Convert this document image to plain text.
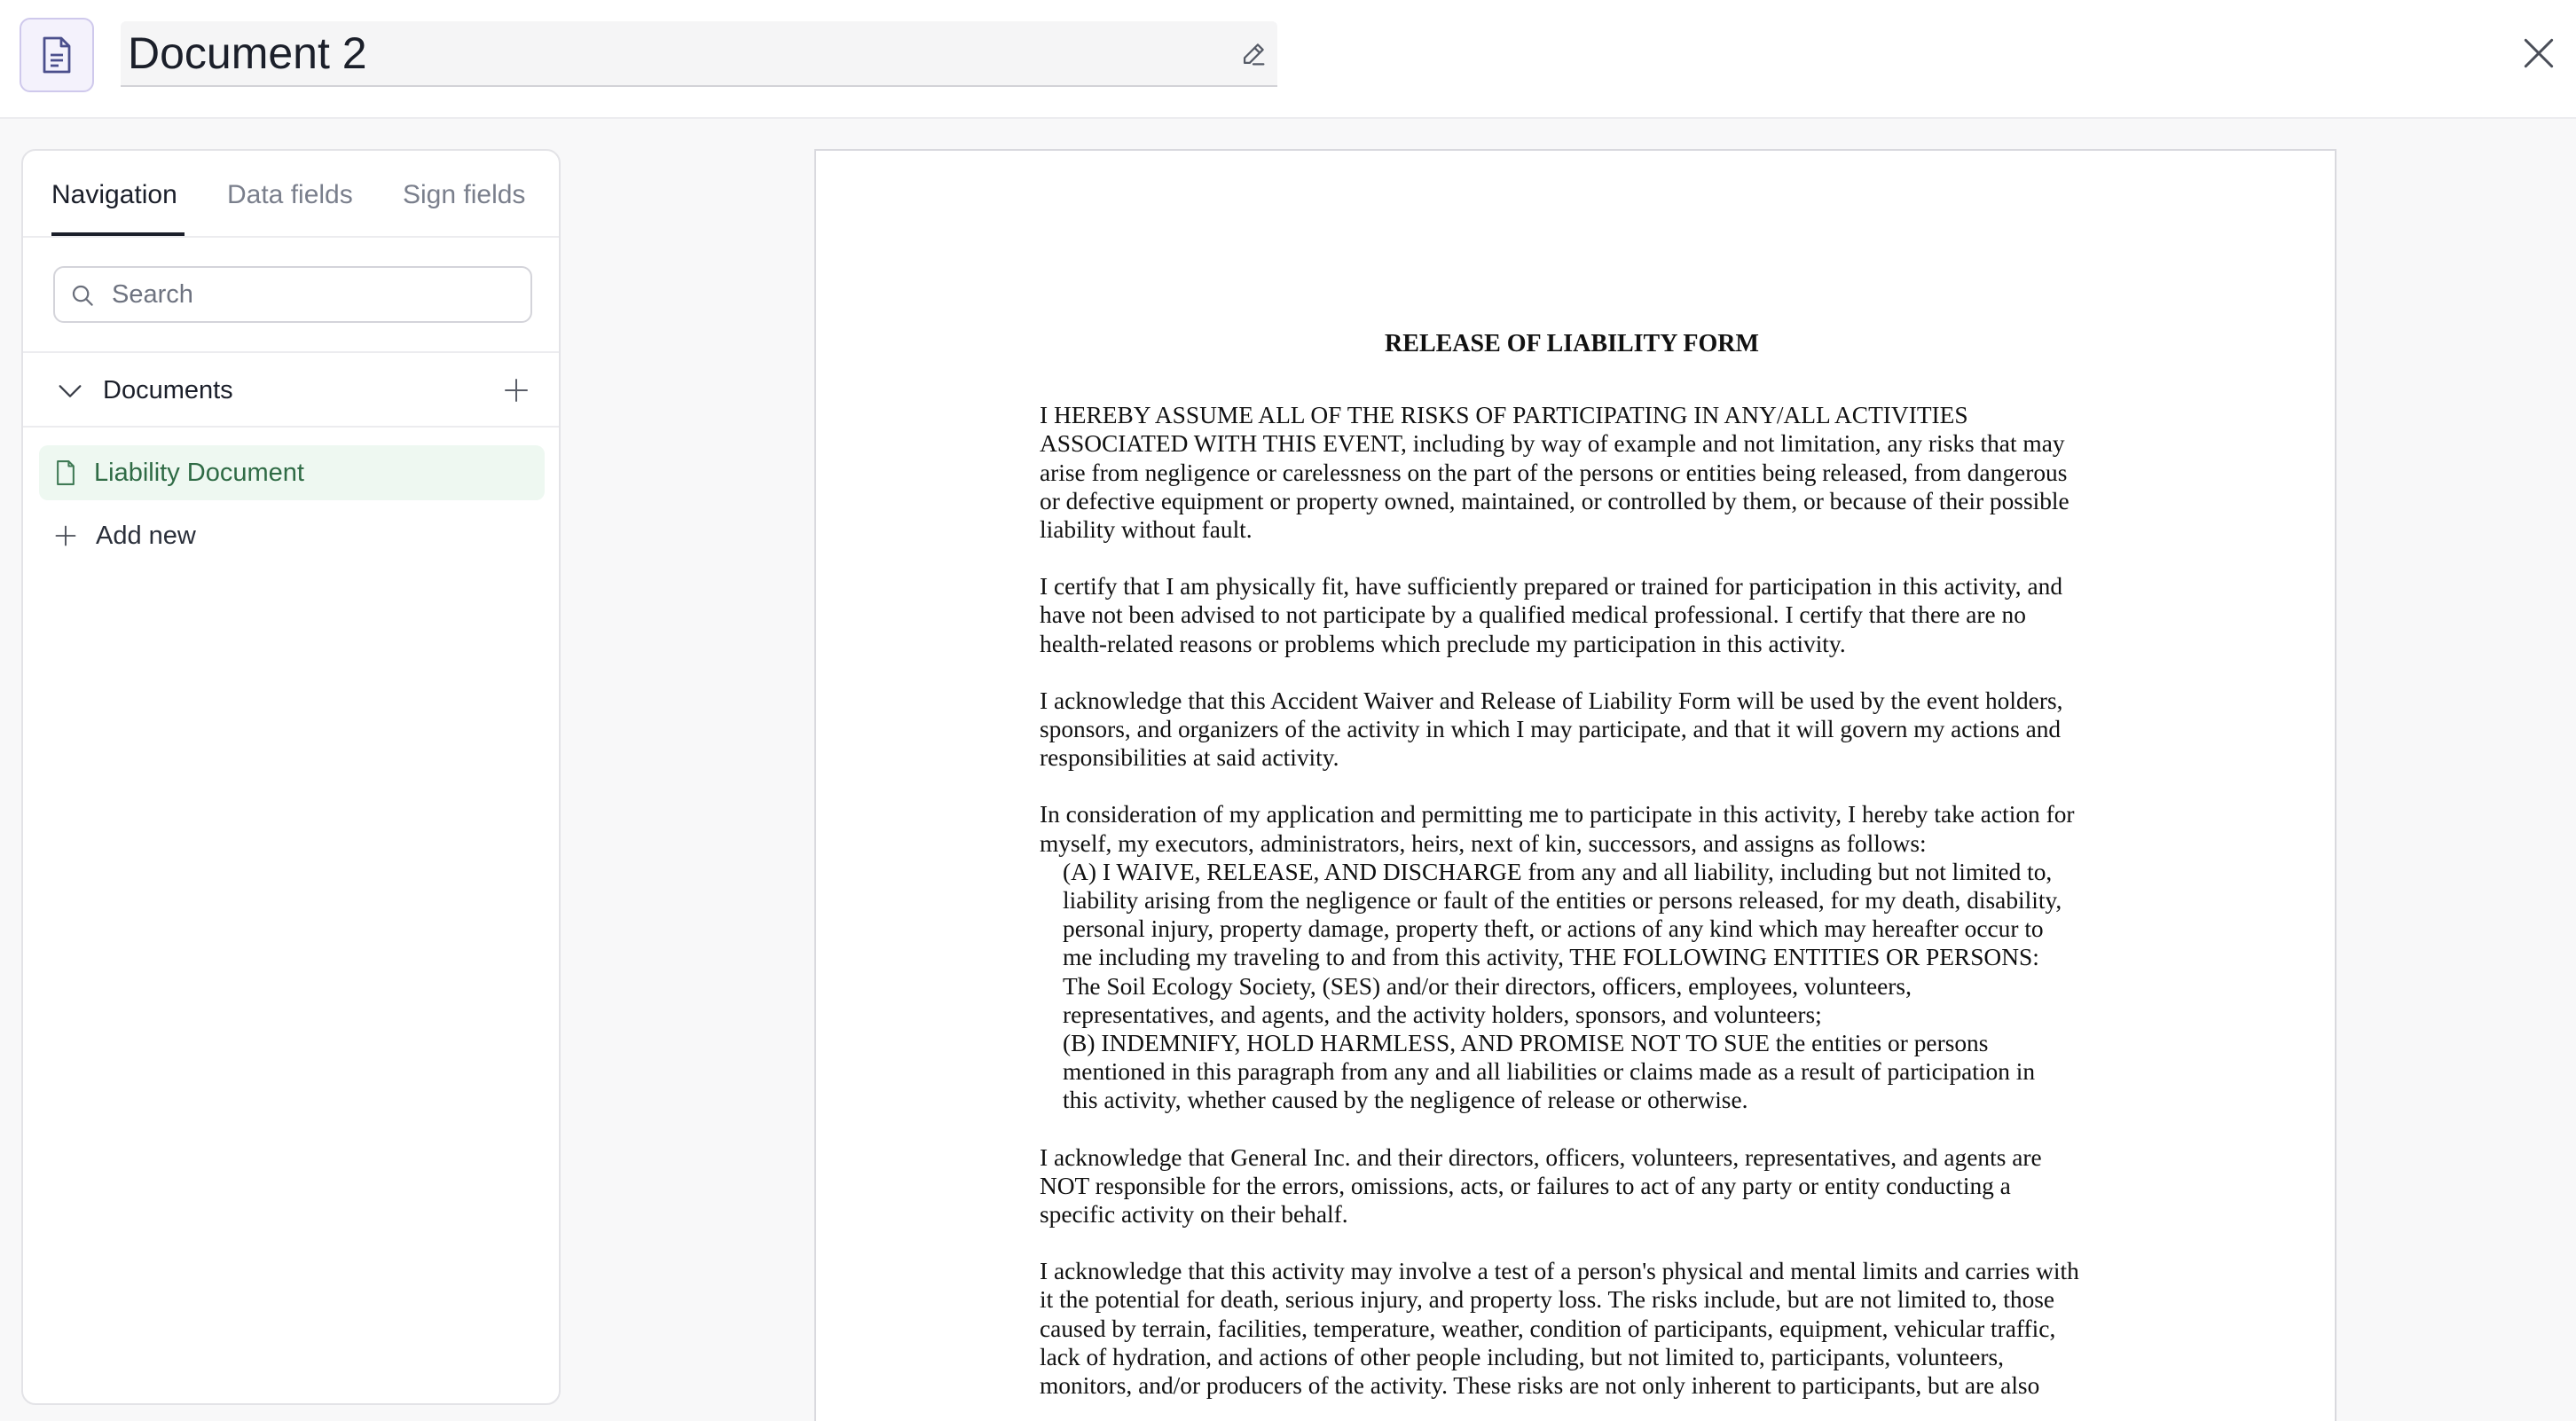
Document 2
Navigation Data fields Sign fields
Search
Documents
Liability Document
Add new
RELEASE OF LIABILITY FORM
I HEREBY ASSUME ALL OF THE RISKS OF PARTICIPATING IN ANY/ALL ACTIVITIES
ASSOCIATED WITH THIS EVENT, including by way of example and not limitation, any risks that may
arise from negligence or carelessness on the part of the persons or entities being released, from dangerous
or defective equipment or property owned, maintained, or controlled by them, or because of their possible
liability without fault.
I certify that I am physically fit, have sufficiently prepared or trained for participation in this activity, and
have not been advised to not participate by a qualified medical professional. I certify that there are no
health-related reasons or problems which preclude my participation in this activity.
I acknowledge that this Accident Waiver and Release of Liability Form will be used by the event holders,
sponsors, and organizers of the activity in which I may participate, and that it will govern my actions and
responsibilities at said activity.
In consideration of my application and permitting me to participate in this activity, I hereby take action for
myself, my executors, administrators, heirs, next of kin, successors, and assigns as follows:
(A) I WAIVE, RELEASE, AND DISCHARGE from any and all liability, including but not limited to,
liability arising from the negligence or fault of the entities or persons released, for my death, disability,
personal injury, property damage, property theft, or actions of any kind which may hereafter occur to
me including my traveling to and from this activity, THE FOLLOWING ENTITIES OR PERSONS:
The Soil Ecology Society, (SES) and/or their directors, officers, employees, volunteers,
representatives, and agents, and the activity holders, sponsors, and volunteers;
(B) INDEMNIFY, HOLD HARMLESS, AND PROMISE NOT TO SUE the entities or persons
mentioned in this paragraph from any and all liabilities or claims made as a result of participation in
this activity, whether caused by the negligence of release or otherwise.
I acknowledge that General Inc. and their directors, officers, volunteers, representatives, and agents are
NOT responsible for the errors, omissions, acts, or failures to act of any party or entity conducting a
specific activity on their behalf.
I acknowledge that this activity may involve a test of a person's physical and mental limits and carries with
it the potential for death, serious injury, and property loss. The risks include, but are not limited to, those
caused by terrain, facilities, temperature, weather, condition of participants, equipment, vehicular traffic,
lack of hydration, and actions of other people including, but not limited to, participants, volunteers,
monitors, and/or producers of the activity. These risks are not only inherent to participants, but are also
